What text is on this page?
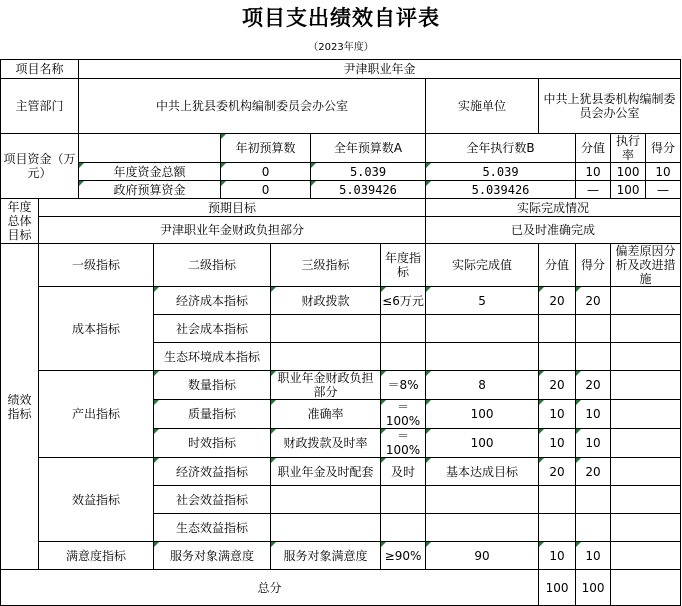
项目支出绩效自评表
（2023年度）
项目名称		尹津职业年金										
主管部门		中共上犹县委机构编制委员会办公室						实施单位	中共上犹县委机构编制委员会办公室			
项目资金（万元）				年初预算数		全年预算数A		全年执行数B		分值	执行率	得分
		年度资金总额		0		5.039		5.039		10	100	10
		政府预算资金		0		5.039426		5.039426		—	100	—
年度总体目标	预期目标							实际完成情况				
	尹津职业年金财政负担部分							已及时准确完成				
绩效指标	一级指标		二级指标		三级指标		年度指标	实际完成值	分值	得分	偏差原因分析及改进措施	
	成本指标		经济成本指标		财政拨款		≤6万元	5	20	20		
			社会成本指标									
			生态环境成本指标									
	产出指标		数量指标		职业年金财政负担部分		＝8%	8	20	20		
			质量指标		准确率		＝100%	100	10	10		
			时效指标		财政拨款及时率		＝100%	100	10	10		
	效益指标		经济效益指标		职业年金及时配套		及时	基本达成目标	20	20		
			社会效益指标									
			生态效益指标									
	满意度指标		服务对象满意度		服务对象满意度		≥90%	90	10	10		
总分									100	100		
